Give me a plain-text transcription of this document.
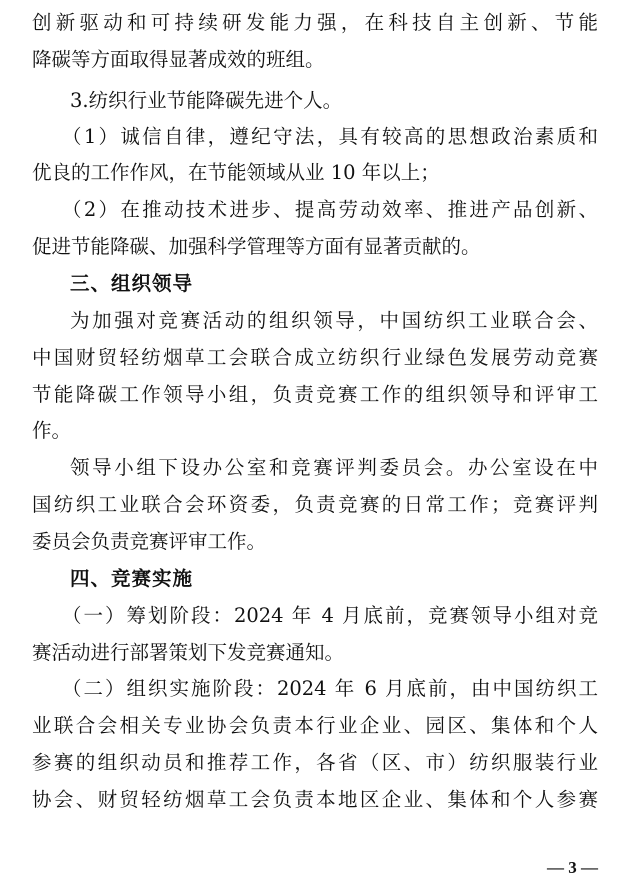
创新驱动和可持续研发能力强，在科技自主创新、节能
降碳等方面取得显著成效的班组。
3.纺织行业节能降碳先进个人。
（1）诚信自律，遵纪守法，具有较高的思想政治素质和
优良的工作作风，在节能领域从业 10 年以上；
（2）在推动技术进步、提高劳动效率、推进产品创新、
促进节能降碳、加强科学管理等方面有显著贡献的。
三、组织领导
为加强对竞赛活动的组织领导，中国纺织工业联合会、
中国财贸轻纺烟草工会联合成立纺织行业绿色发展劳动竞赛
节能降碳工作领导小组，负责竞赛工作的组织领导和评审工
作。
领导小组下设办公室和竞赛评判委员会。办公室设在中
国纺织工业联合会环资委，负责竞赛的日常工作；竞赛评判
委员会负责竞赛评审工作。
四、竞赛实施
（一）筹划阶段：2024 年 4 月底前，竞赛领导小组对竞
赛活动进行部署策划下发竞赛通知。
（二）组织实施阶段：2024 年 6 月底前，由中国纺织工
业联合会相关专业协会负责本行业企业、园区、集体和个人
参赛的组织动员和推荐工作，各省（区、市）纺织服装行业
协会、财贸轻纺烟草工会负责本地区企业、集体和个人参赛
— 3 —
